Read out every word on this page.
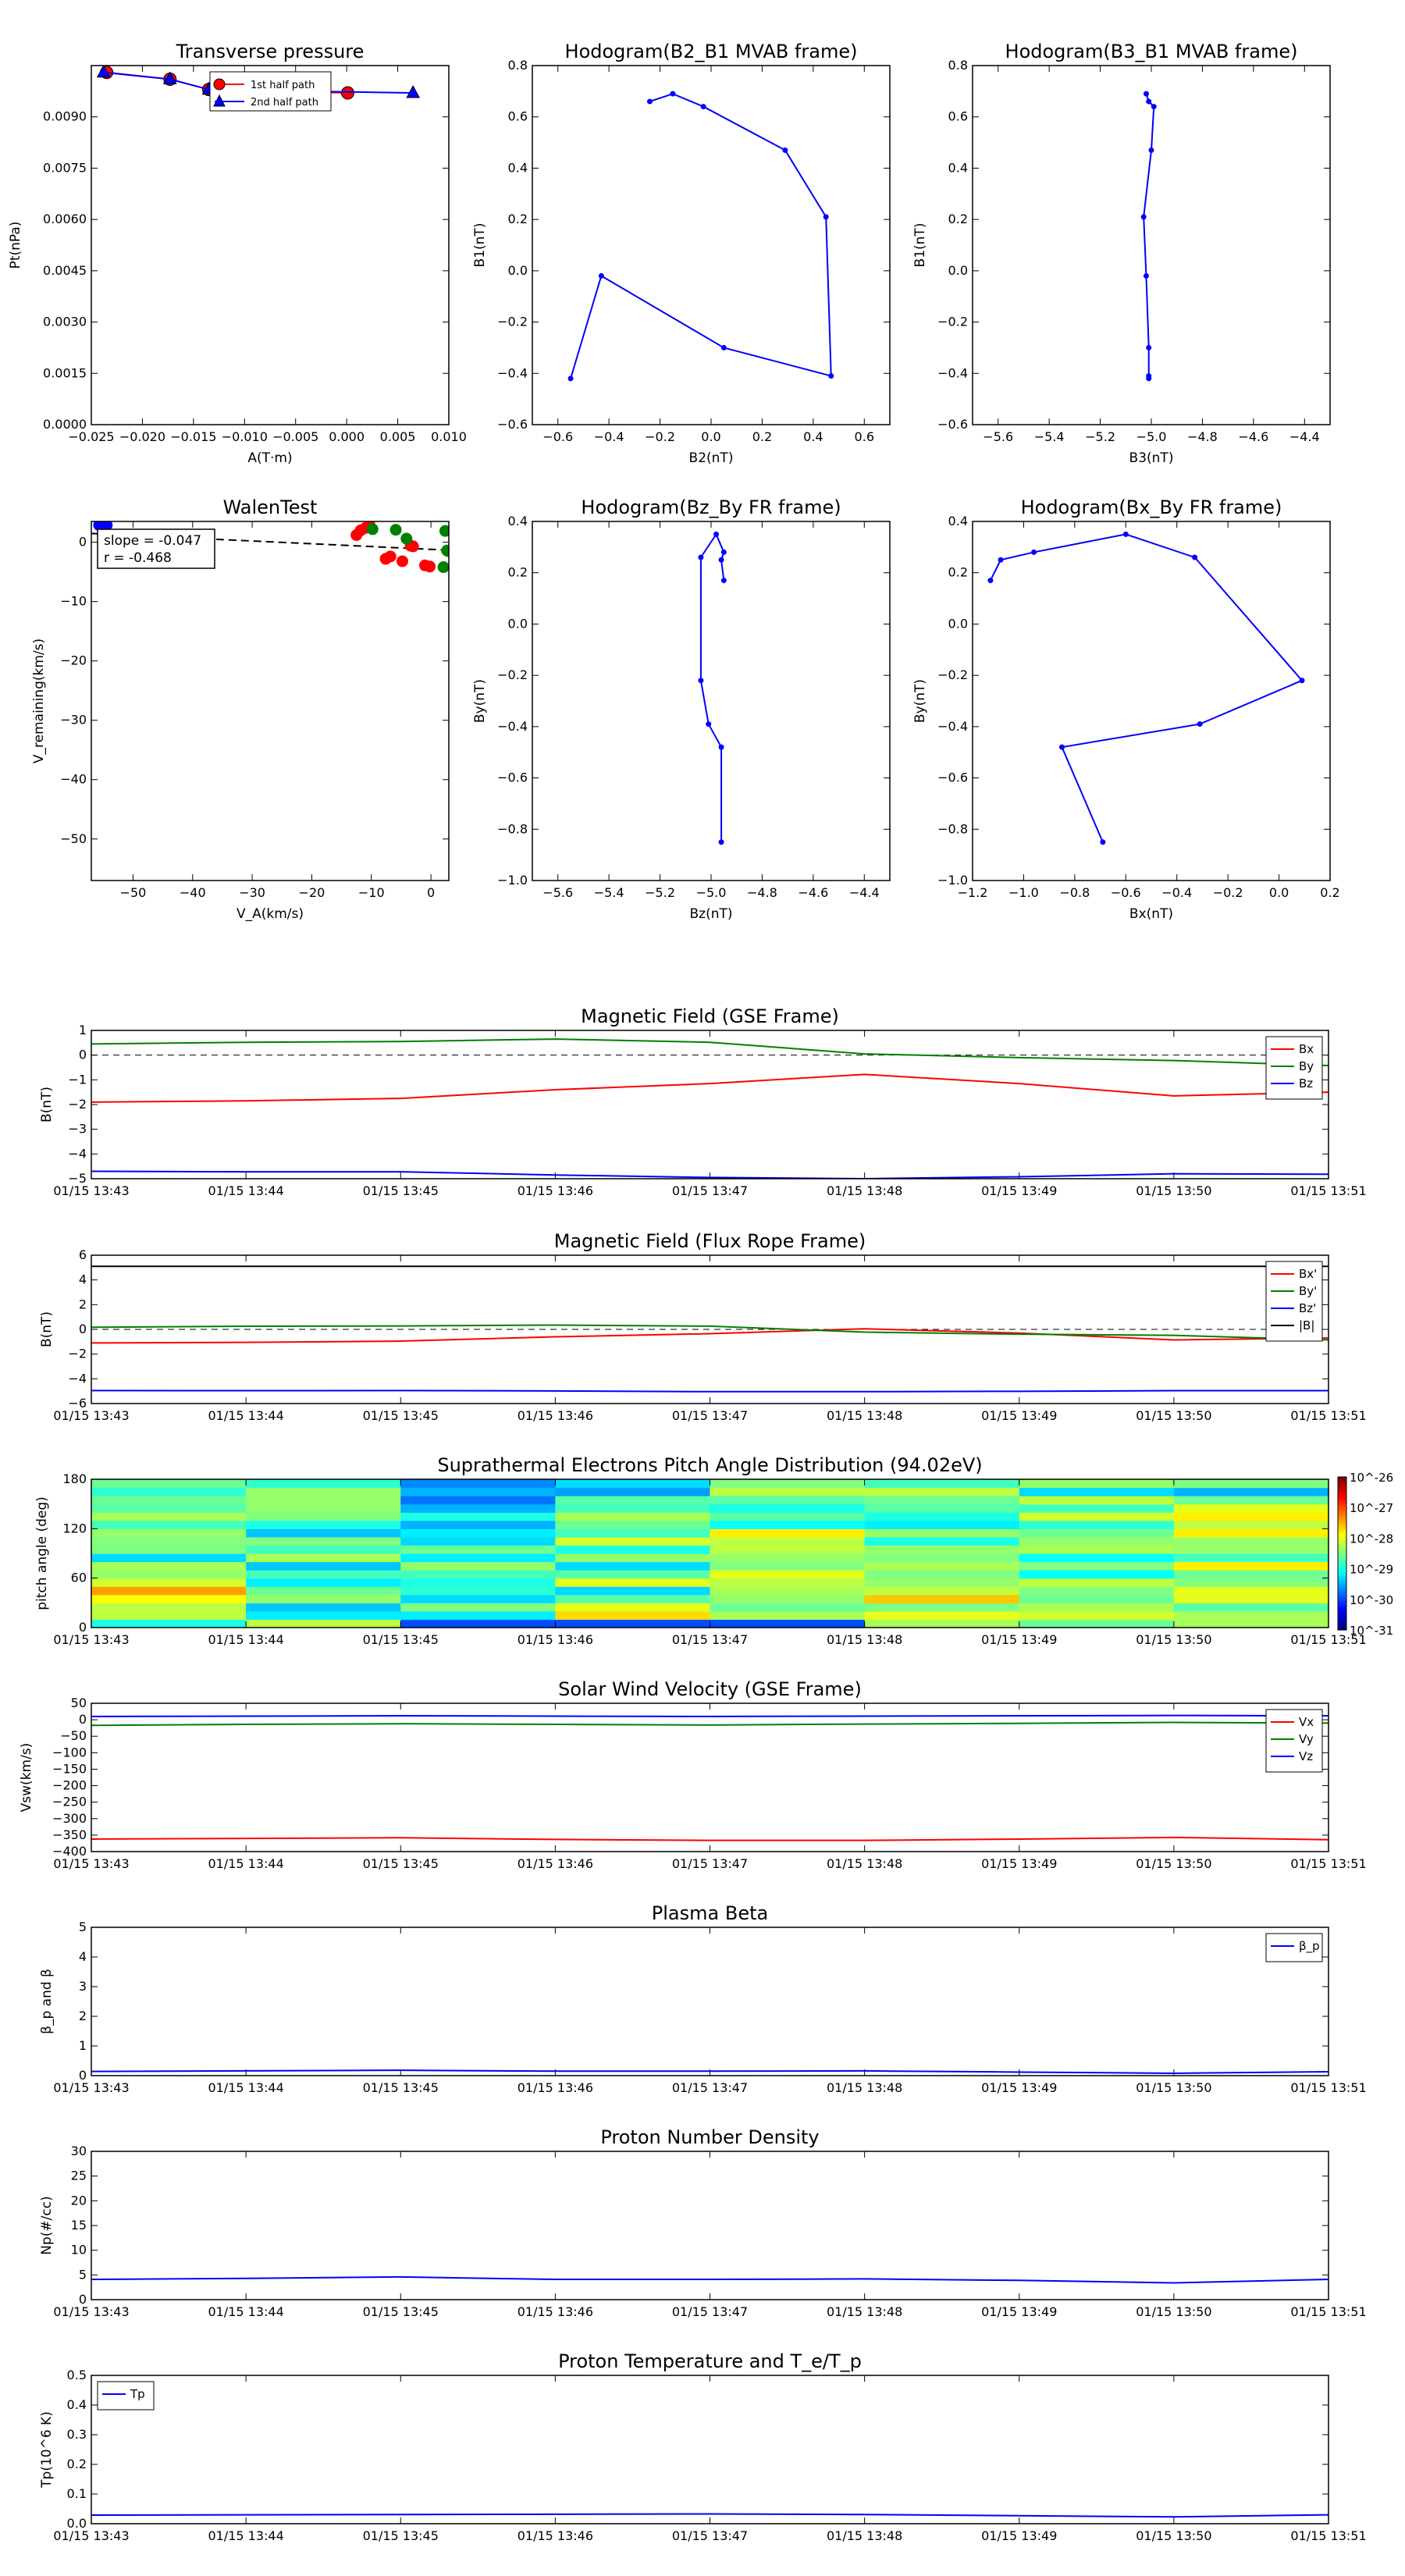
Transverse pressure
−0.025 −0.020 −0.015 −0.010 −0.005 0.000 0.005 0.010
0.0000
0.0015
0.0030
0.0045
0.0060
0.0075
0.0090
A(T·m)
Pt(nPa)
1st half path
2nd half path
Hodogram(B2_B1 MVAB frame)
−0.6 −0.4 −0.2 0.0 0.2 0.4 0.6
−0.6
−0.4
−0.2
0.0
0.2
0.4
0.6
0.8
B2(nT)
B1(nT)
Hodogram(B3_B1 MVAB frame)
−5.6 −5.4 −5.2 −5.0 −4.8 −4.6 −4.4
−0.6
−0.4
−0.2
0.0
0.2
0.4
0.6
0.8
B3(nT)
B1(nT)
WalenTest
−50	−40	−30	−20	−10	0
−50
−40
−30
−20
−10
0
V_A(km/s)
V_remaining(km/s)
slope = -0.047
r = -0.468
Hodogram(Bz_By FR frame)
−5.6 −5.4 −5.2 −5.0 −4.8 −4.6 −4.4
−1.0
−0.8
−0.6
−0.4
−0.2
0.0
0.2
0.4
Bz(nT)
By(nT)
Hodogram(Bx_By FR frame)
−1.2 −1.0 −0.8 −0.6 −0.4 −0.2 0.0 0.2
−1.0
−0.8
−0.6
−0.4
−0.2
0.0
0.2
0.4
Bx(nT)
By(nT)
Magnetic Field (GSE Frame)
01/15 13:43	01/15 13:44	01/15 13:45	01/15 13:46	01/15 13:47	01/15 13:48	01/15 13:49	01/15 13:50	01/15 13:51
−5
−4
−3
−2
−1
0
1
B(nT)
Bx
By
Bz
Magnetic Field (Flux Rope Frame)
01/15 13:43	01/15 13:44	01/15 13:45	01/15 13:46	01/15 13:47	01/15 13:48	01/15 13:49	01/15 13:50	01/15 13:51
−6
−4
−2
0
2
4
6
B(nT)
Bx'
By'
Bz'
|B|
Suprathermal Electrons Pitch Angle Distribution (94.02eV)
01/15 13:43	01/15 13:44	01/15 13:45	01/15 13:46	01/15 13:47	01/15 13:48	01/15 13:49	01/15 13:50	01/15 13:51
0
60
120
180
pitch angle (deg)
10^-26
10^-27
10^-28
10^-29
10^-30
10^-31
Solar Wind Velocity (GSE Frame)
01/15 13:43	01/15 13:44	01/15 13:45	01/15 13:46	01/15 13:47	01/15 13:48	01/15 13:49	01/15 13:50	01/15 13:51
−400
−350
−300
−250
−200
−150
−100
−50
0
50
Vsw(km/s)
Vx
Vy
Vz
Plasma Beta
01/15 13:43	01/15 13:44	01/15 13:45	01/15 13:46	01/15 13:47	01/15 13:48	01/15 13:49	01/15 13:50	01/15 13:51
0
1
2
3
4
5
β_p and β
β_p
Proton Number Density
01/15 13:43	01/15 13:44	01/15 13:45	01/15 13:46	01/15 13:47	01/15 13:48	01/15 13:49	01/15 13:50	01/15 13:51
0
5
10
15
20
25
30
Np(#/cc)
Proton Temperature and T_e/T_p
01/15 13:43	01/15 13:44	01/15 13:45	01/15 13:46	01/15 13:47	01/15 13:48	01/15 13:49	01/15 13:50	01/15 13:51
0.0
0.1
0.2
0.3
0.4
0.5
Tp(10^6 K)
Tp
